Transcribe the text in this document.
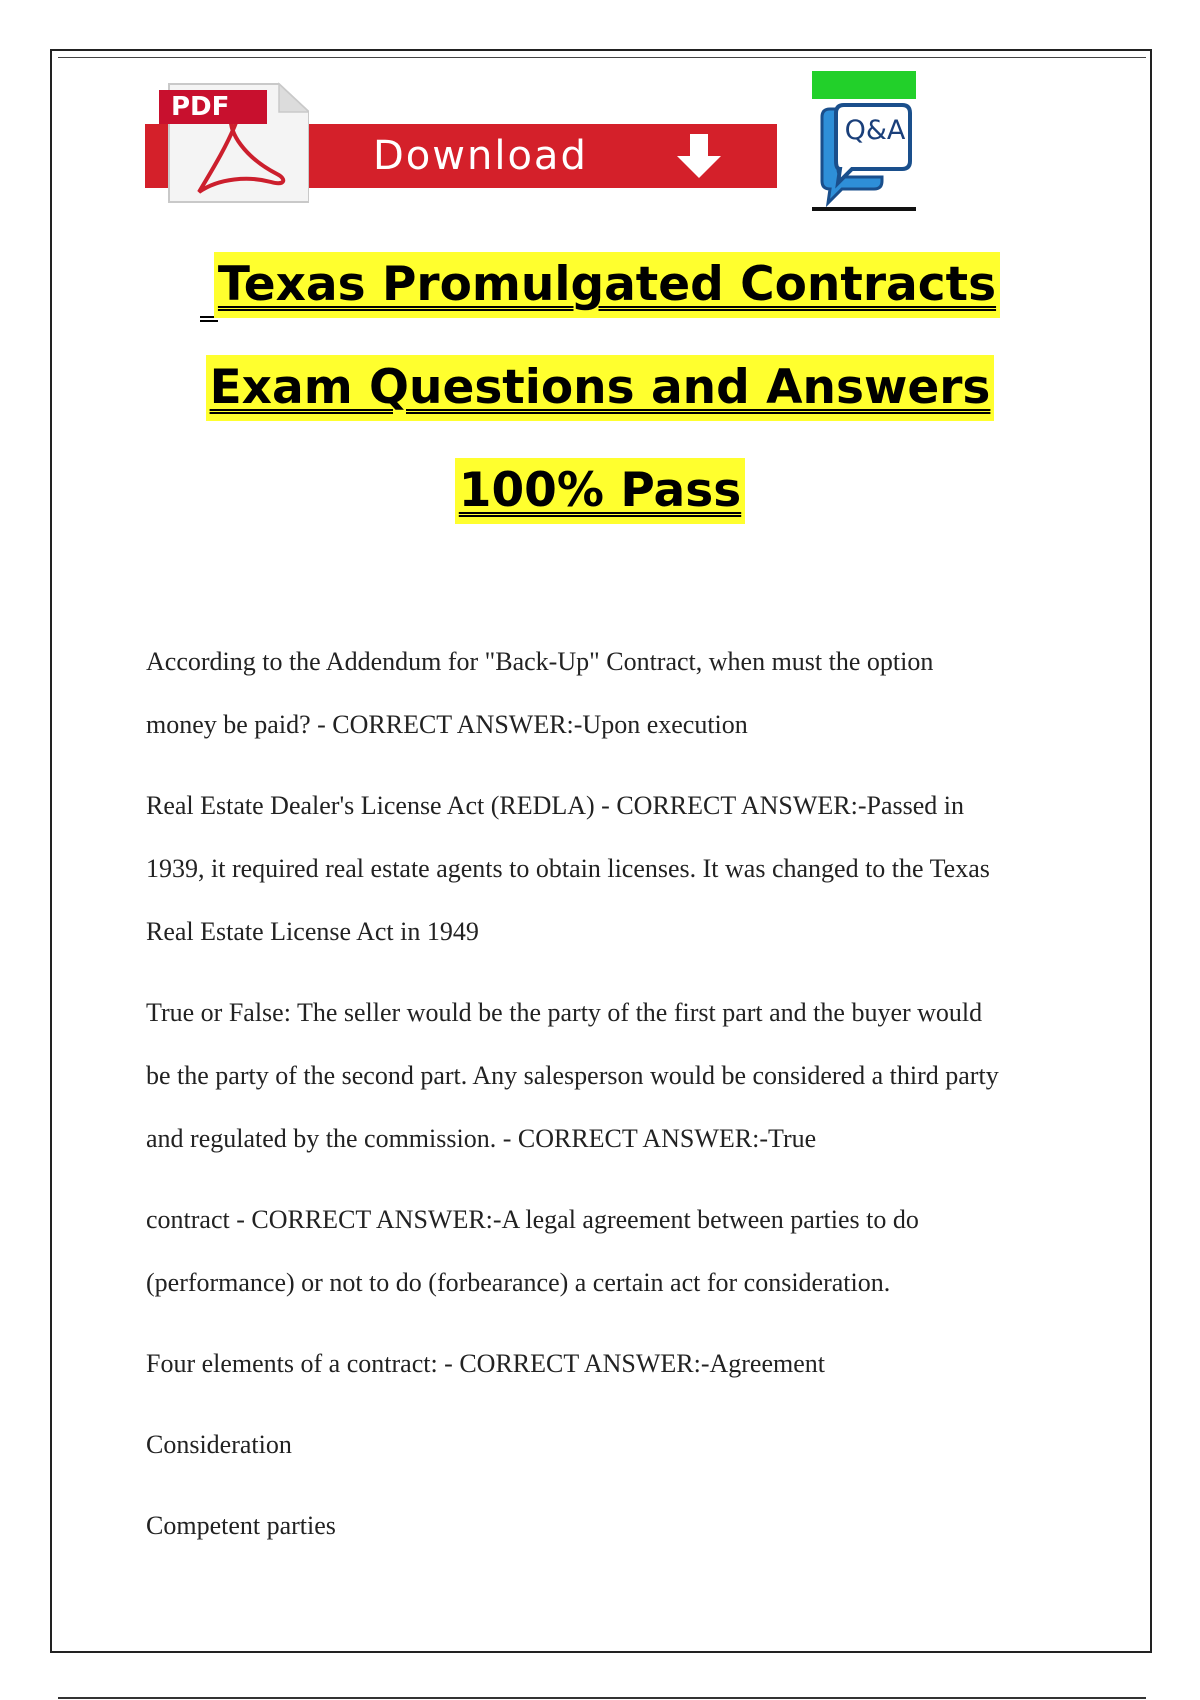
Download
PDF
Q&A
Texas Promulgated Contracts
Exam Questions and Answers
100% Pass

According to the Addendum for "Back-Up" Contract, when must the option
money be paid? - CORRECT ANSWER:-Upon execution

Real Estate Dealer's License Act (REDLA) - CORRECT ANSWER:-Passed in
1939, it required real estate agents to obtain licenses. It was changed to the Texas
Real Estate License Act in 1949

True or False: The seller would be the party of the first part and the buyer would
be the party of the second part. Any salesperson would be considered a third party
and regulated by the commission. - CORRECT ANSWER:-True

contract - CORRECT ANSWER:-A legal agreement between parties to do
(performance) or not to do (forbearance) a certain act for consideration.

Four elements of a contract: - CORRECT ANSWER:-Agreement

Consideration

Competent parties
